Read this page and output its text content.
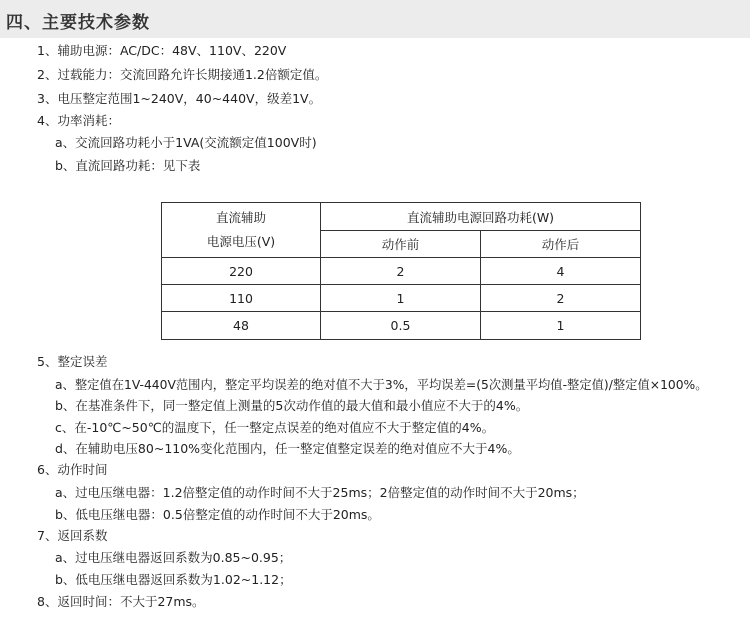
四、主要技术参数
1、辅助电源：AC/DC：48V、110V、220V
2、过载能力：交流回路允许长期接通1.2倍额定值。
3、电压整定范围1~240V，40~440V，级差1V。
4、功率消耗：
a、交流回路功耗小于1VA(交流额定值100V时)
b、直流回路功耗：见下表
直流辅助
电源电压(V)	直流辅助电源回路功耗(W)	
	动作前	动作后
220	2	4
110	1	2
48	0.5	1
5、整定误差
a、整定值在1V-440V范围内，整定平均误差的绝对值不大于3%，平均误差=(5次测量平均值-整定值)/整定值×100%。
b、在基准条件下，同一整定值上测量的5次动作值的最大值和最小值应不大于的4%。
c、在-10℃~50℃的温度下，任一整定点误差的绝对值应不大于整定值的4%。
d、在辅助电压80~110%变化范围内，任一整定值整定误差的绝对值应不大于4%。
6、动作时间
a、过电压继电器：1.2倍整定值的动作时间不大于25ms；2倍整定值的动作时间不大于20ms；
b、低电压继电器：0.5倍整定值的动作时间不大于20ms。
7、返回系数
a、过电压继电器返回系数为0.85~0.95；
b、低电压继电器返回系数为1.02~1.12；
8、返回时间：不大于27ms。
